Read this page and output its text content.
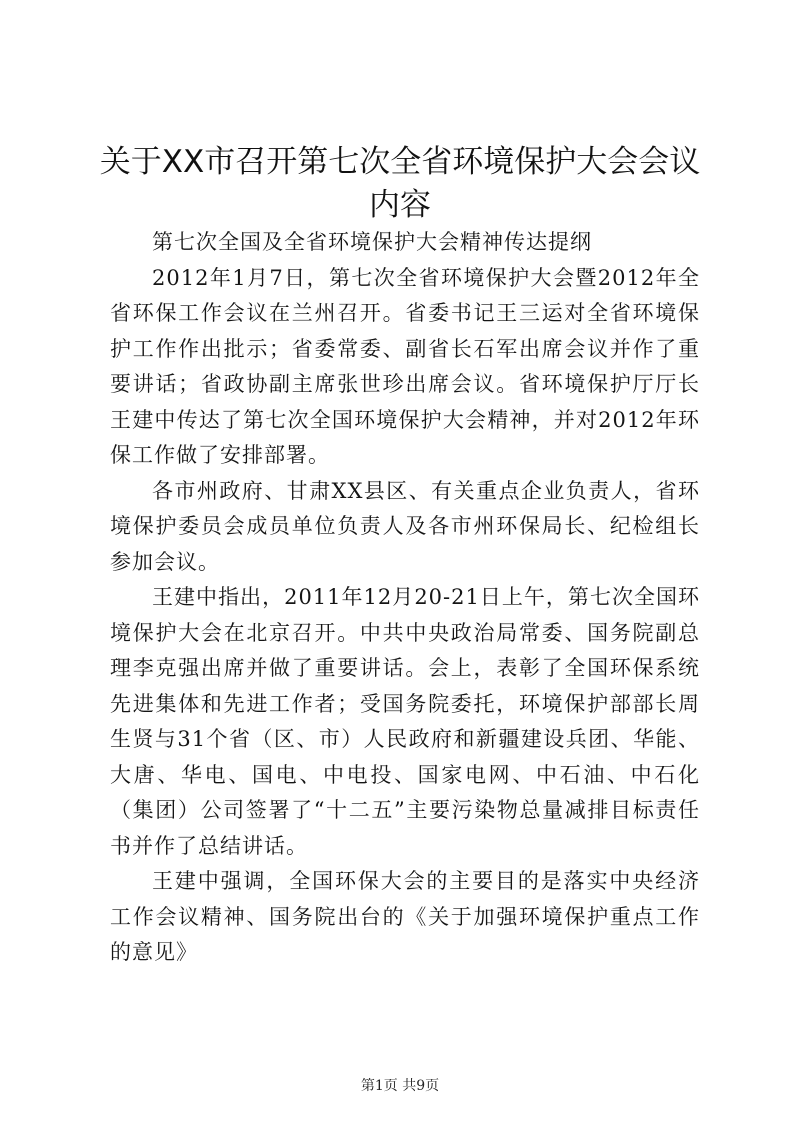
关于XX市召开第七次全省环境保护大会会议
内容

第七次全国及全省环境保护大会精神传达提纲

2012年1月7日，第七次全省环境保护大会暨2012年全省环保工作会议在兰州召开。省委书记王三运对全省环境保护工作作出批示；省委常委、副省长石军出席会议并作了重要讲话；省政协副主席张世珍出席会议。省环境保护厅厅长王建中传达了第七次全国环境保护大会精神，并对2012年环保工作做了安排部署。

各市州政府、甘肃XX县区、有关重点企业负责人，省环境保护委员会成员单位负责人及各市州环保局长、纪检组长参加会议。

王建中指出，2011年12月20-21日上午，第七次全国环境保护大会在北京召开。中共中央政治局常委、国务院副总理李克强出席并做了重要讲话。会上，表彰了全国环保系统先进集体和先进工作者；受国务院委托，环境保护部部长周生贤与31个省（区、市）人民政府和新疆建设兵团、华能、大唐、华电、国电、中电投、国家电网、中石油、中石化（集团）公司签署了“十二五”主要污染物总量减排目标责任书并作了总结讲话。

王建中强调，全国环保大会的主要目的是落实中央经济工作会议精神、国务院出台的《关于加强环境保护重点工作的意见》

第1页 共9页
